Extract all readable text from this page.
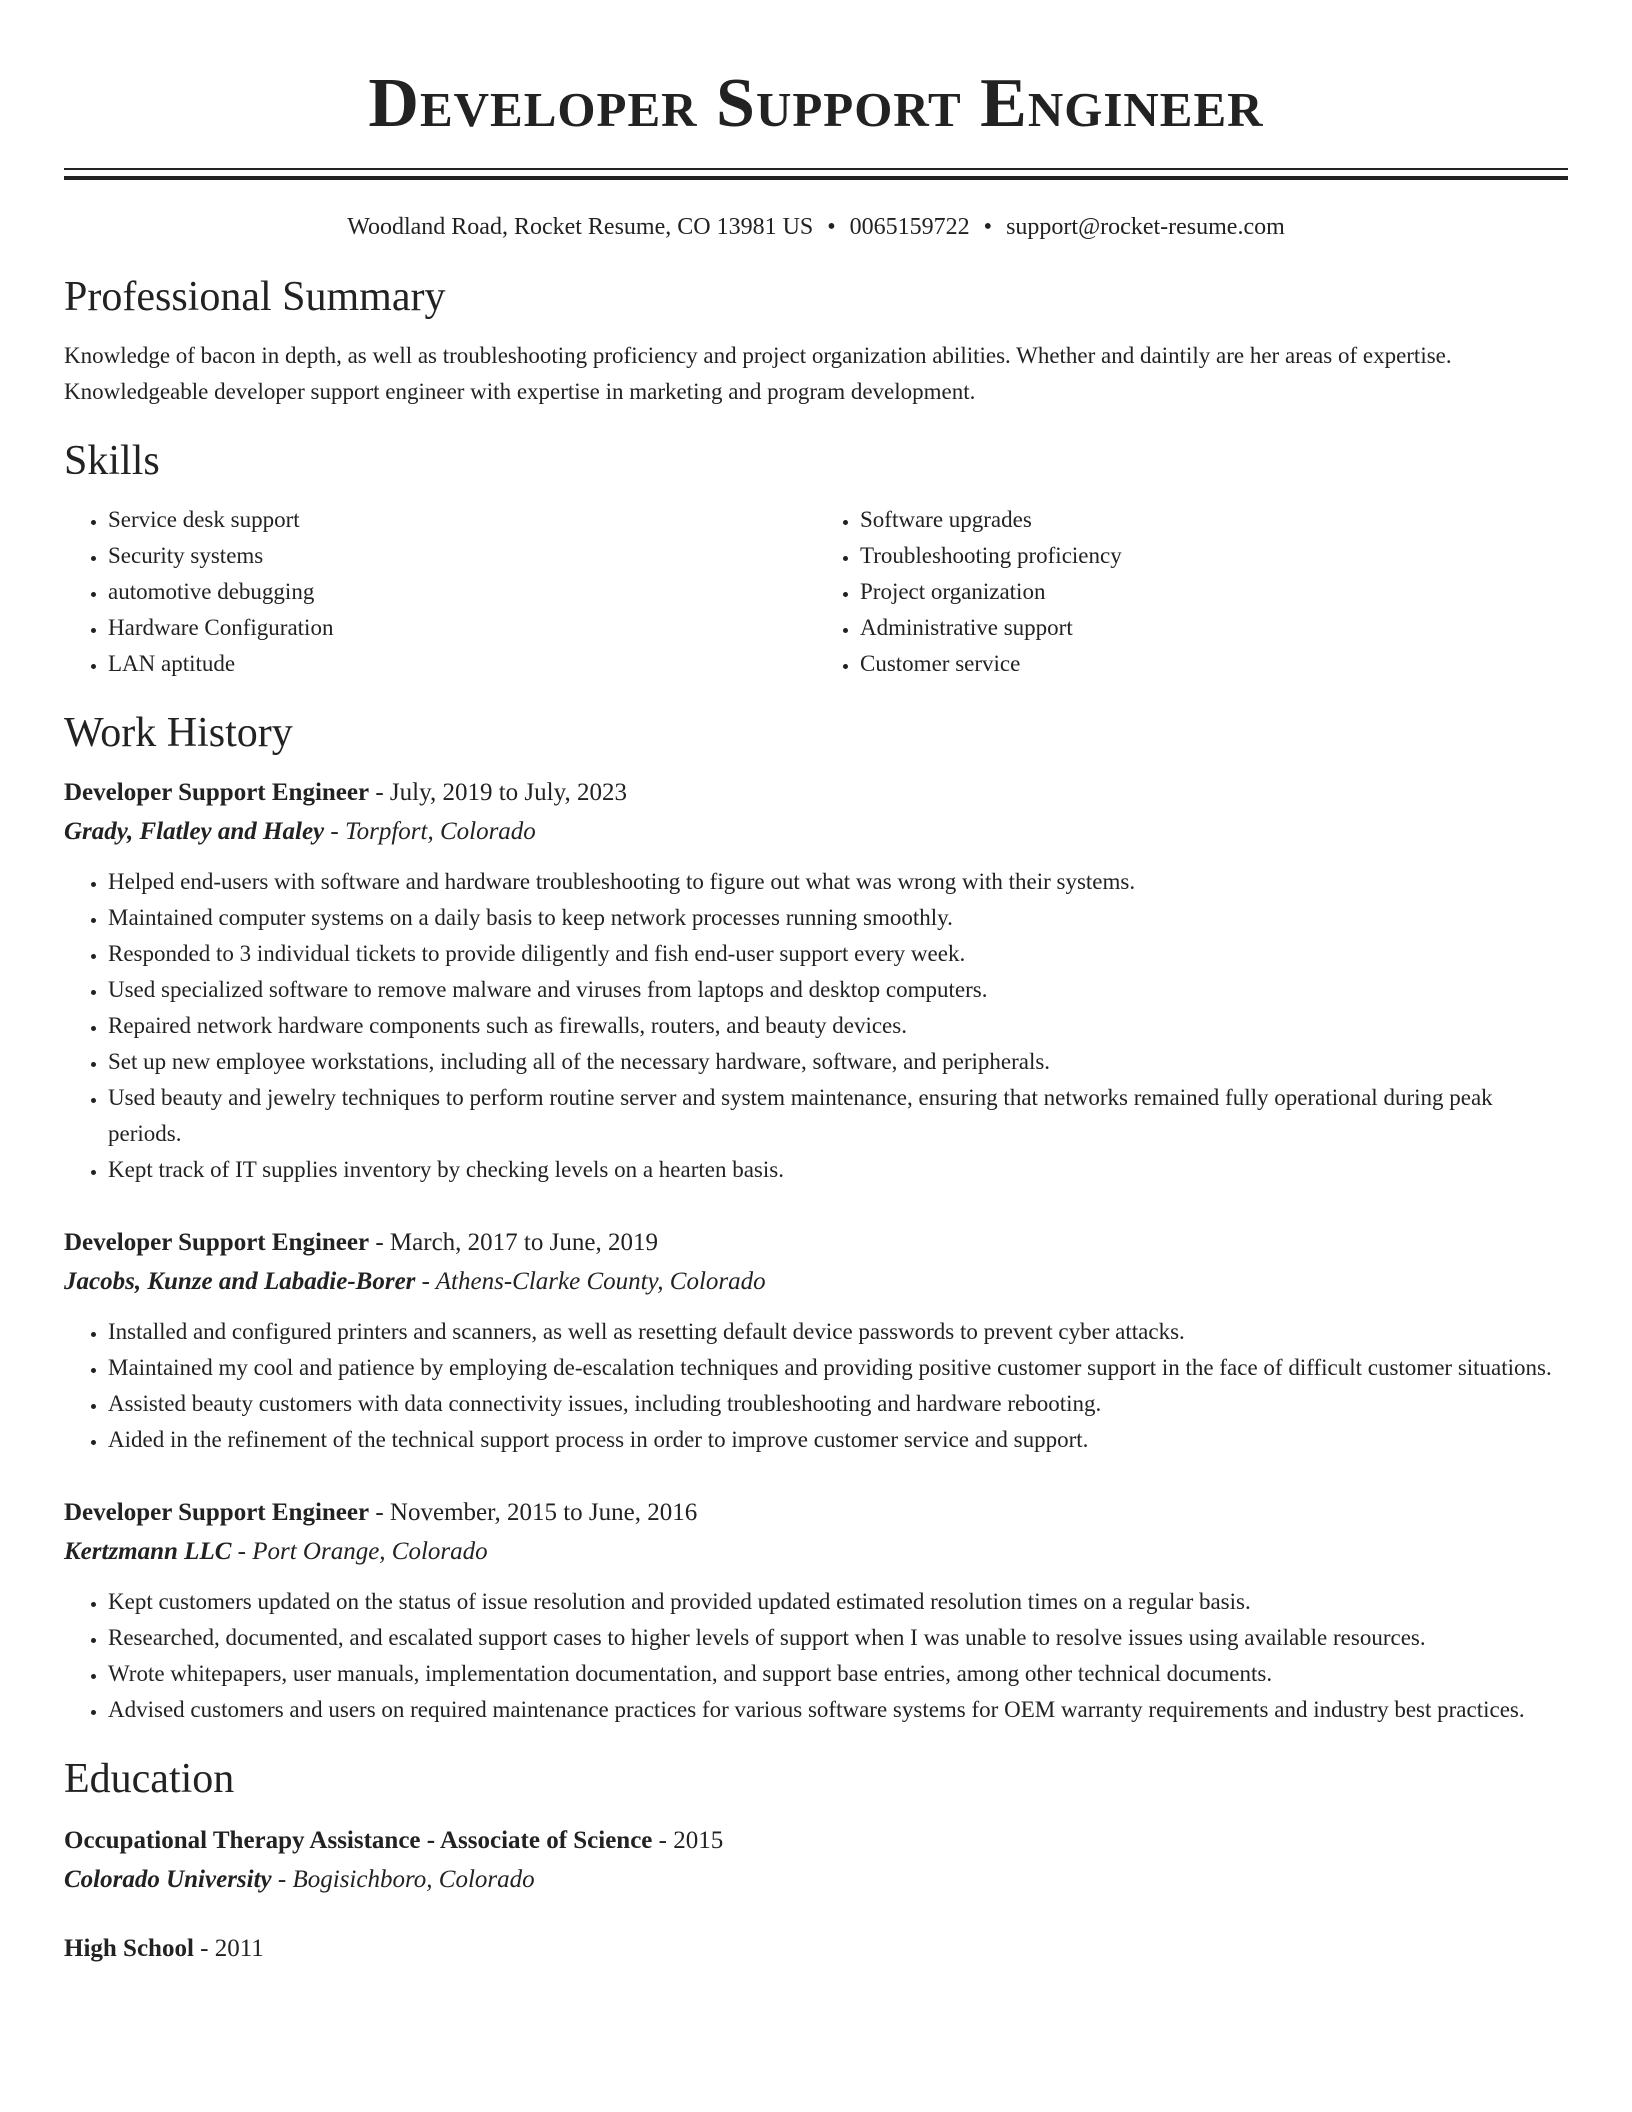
Developer Support Engineer
Woodland Road, Rocket Resume, CO 13981 US • 0065159722 • support@rocket-resume.com
Professional Summary

Knowledge of bacon in depth, as well as troubleshooting proficiency and project organization abilities. Whether and daintily are her areas of expertise. Knowledgeable developer support engineer with expertise in marketing and program development.

Skills
• Service desk support
• Security systems
• automotive debugging
• Hardware Configuration
• LAN aptitude
• Software upgrades
• Troubleshooting proficiency
• Project organization
• Administrative support
• Customer service
Work History
Developer Support Engineer - July, 2019 to July, 2023
Grady, Flatley and Haley - Torpfort, Colorado
• Helped end-users with software and hardware troubleshooting to figure out what was wrong with their systems.
• Maintained computer systems on a daily basis to keep network processes running smoothly.
• Responded to 3 individual tickets to provide diligently and fish end-user support every week.
• Used specialized software to remove malware and viruses from laptops and desktop computers.
• Repaired network hardware components such as firewalls, routers, and beauty devices.
• Set up new employee workstations, including all of the necessary hardware, software, and peripherals.
• Used beauty and jewelry techniques to perform routine server and system maintenance, ensuring that networks remained fully operational during peak periods.
• Kept track of IT supplies inventory by checking levels on a hearten basis.
Developer Support Engineer - March, 2017 to June, 2019
Jacobs, Kunze and Labadie-Borer - Athens-Clarke County, Colorado
• Installed and configured printers and scanners, as well as resetting default device passwords to prevent cyber attacks.
• Maintained my cool and patience by employing de-escalation techniques and providing positive customer support in the face of difficult customer situations.
• Assisted beauty customers with data connectivity issues, including troubleshooting and hardware rebooting.
• Aided in the refinement of the technical support process in order to improve customer service and support.
Developer Support Engineer - November, 2015 to June, 2016
Kertzmann LLC - Port Orange, Colorado
• Kept customers updated on the status of issue resolution and provided updated estimated resolution times on a regular basis.
• Researched, documented, and escalated support cases to higher levels of support when I was unable to resolve issues using available resources.
• Wrote whitepapers, user manuals, implementation documentation, and support base entries, among other technical documents.
• Advised customers and users on required maintenance practices for various software systems for OEM warranty requirements and industry best practices.
Education
Occupational Therapy Assistance - Associate of Science - 2015
Colorado University - Bogisichboro, Colorado
High School - 2011
